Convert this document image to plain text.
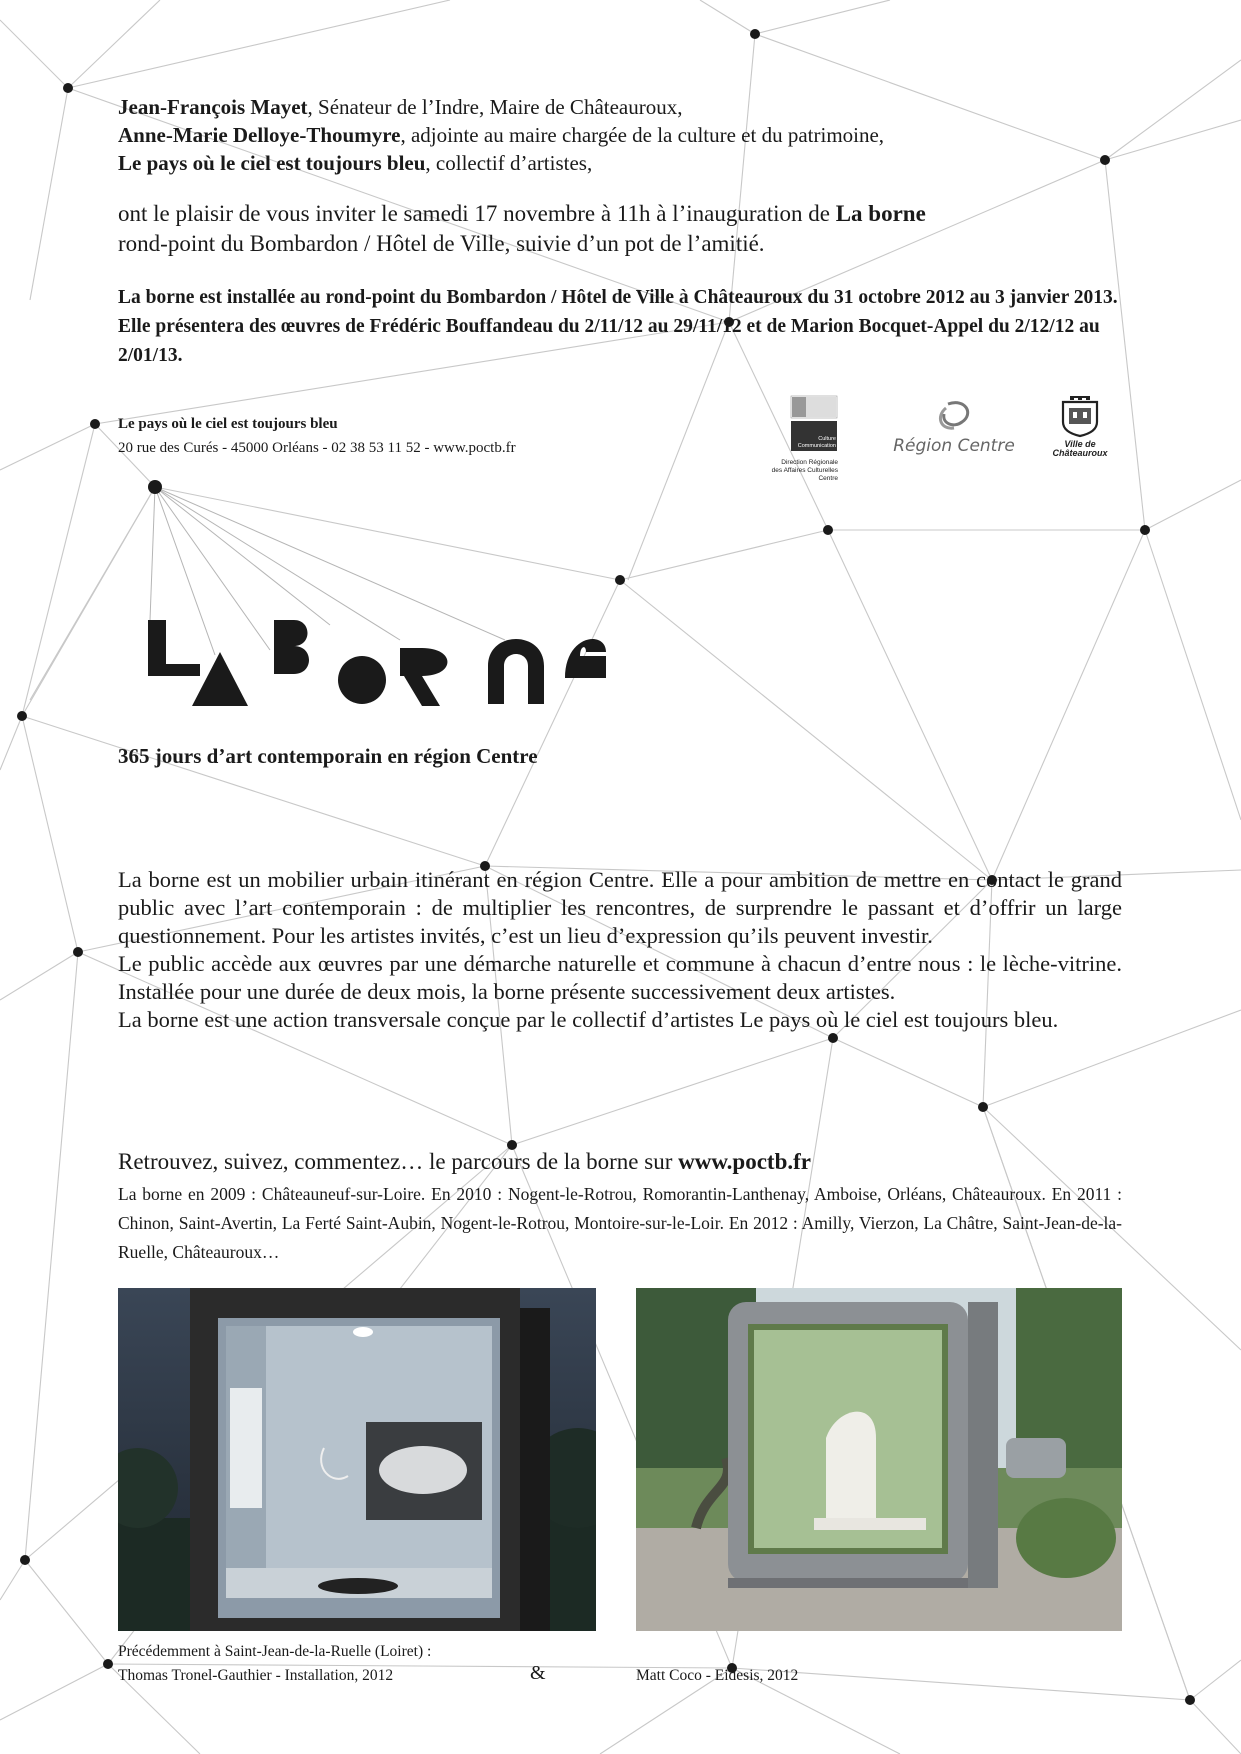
Jean-François Mayet, Sénateur de l’Indre, Maire de Châteauroux,
Anne-Marie Delloye-Thoumyre, adjointe au maire chargée de la culture et du patrimoine,
Le pays où le ciel est toujours bleu, collectif d’artistes,
ont le plaisir de vous inviter le samedi 17 novembre à 11h à l’inauguration de La borne
rond-point du Bombardon / Hôtel de Ville, suivie d’un pot de l’amitié.
La borne est installée au rond-point du Bombardon / Hôtel de Ville à Châteauroux du 31 octobre 2012 au 3 janvier 2013. Elle présentera des œuvres de Frédéric Bouffandeau du 2/11/12 au 29/11/12 et de Marion Bocquet-Appel du 2/12/12 au 2/01/13.
Le pays où le ciel est toujours bleu
20 rue des Curés - 45000 Orléans - 02 38 53 11 52 - www.poctb.fr
Culture
Communication
Direction Régionale
des Affaires Culturelles
Centre
Région Centre	Ville de
Châteauroux
365 jours d’art contemporain en région Centre

La borne est un mobilier urbain itinérant en région Centre. Elle a pour ambition de mettre en contact le grand public avec l’art contemporain : de multiplier les rencontres, de surprendre le passant et d’offrir un large questionnement. Pour les artistes invités, c’est un lieu d’expression qu’ils peuvent investir.

Le public accède aux œuvres par une démarche naturelle et commune à chacun d’entre nous : le lèche-vitrine. Installée pour une durée de deux mois, la borne présente successivement deux artistes.

La borne est une action transversale conçue par le collectif d’artistes Le pays où le ciel est toujours bleu.

Retrouvez, suivez, commentez… le parcours de la borne sur www.poctb.fr
La borne en 2009 : Châteauneuf-sur-Loire. En 2010 : Nogent-le-Rotrou, Romorantin-Lanthenay, Amboise, Orléans, Châteauroux. En 2011 : Chinon, Saint-Avertin, La Ferté Saint-Aubin, Nogent-le-Rotrou, Montoire-sur-le-Loir. En 2012 : Amilly, Vierzon, La Châtre, Saint-Jean-de-la-Ruelle, Châteauroux…
Précédemment à Saint-Jean-de-la-Ruelle (Loiret) :
Thomas Tronel-Gauthier - Installation, 2012	&	Matt Coco - Eidesis, 2012
